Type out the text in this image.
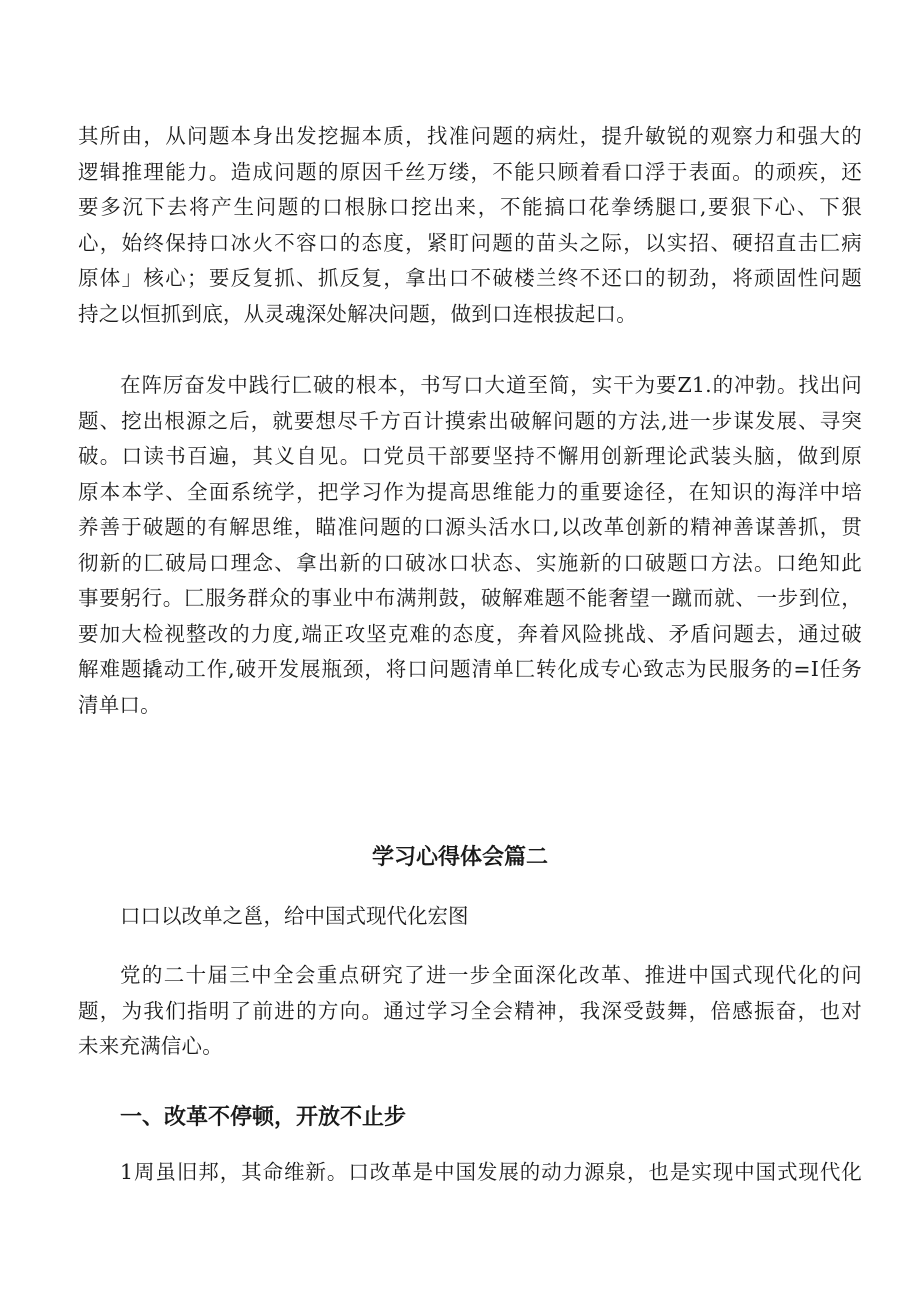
其所由，从问题本身出发挖掘本质，找准问题的病灶，提升敏锐的观察力和强大的
逻辑推理能力。造成问题的原因千丝万缕，不能只顾着看口浮于表面。的顽疾，还
要多沉下去将产生问题的口根脉口挖出来，不能搞口花拳绣腿口,要狠下心、下狠
心，始终保持口冰火不容口的态度，紧盯问题的苗头之际，以实招、硬招直击匚病
原体」核心；要反复抓、抓反复，拿出口不破楼兰终不还口的韧劲，将顽固性问题
持之以恒抓到底，从灵魂深处解决问题，做到口连根拔起口。
在阵厉奋发中践行匚破的根本，书写口大道至简，实干为要Z1.的冲勃。找出问
题、挖出根源之后，就要想尽千方百计摸索出破解问题的方法,进一步谋发展、寻突
破。口读书百遍，其义自见。口党员干部要坚持不懈用创新理论武装头脑，做到原
原本本学、全面系统学，把学习作为提高思维能力的重要途径，在知识的海洋中培
养善于破题的有解思维，瞄准问题的口源头活水口,以改革创新的精神善谋善抓，贯
彻新的匚破局口理念、拿出新的口破冰口状态、实施新的口破题口方法。口绝知此
事要躬行。匚服务群众的事业中布满荆鼓，破解难题不能奢望一蹴而就、一步到位，
要加大检视整改的力度,端正攻坚克难的态度，奔着风险挑战、矛盾问题去，通过破
解难题撬动工作,破开发展瓶颈，将口问题清单匚转化成专心致志为民服务的=I任务
清单口。
学习心得体会篇二

口口以改单之邕，给中国式现代化宏图

党的二十届三中全会重点研究了进一步全面深化改革、推进中国式现代化的问
题，为我们指明了前进的方向。通过学习全会精神，我深受鼓舞，倍感振奋，也对
未来充满信心。
一、改革不停顿，开放不止步
1周虽旧邦，其命维新。口改革是中国发展的动力源泉，也是实现中国式现代化
